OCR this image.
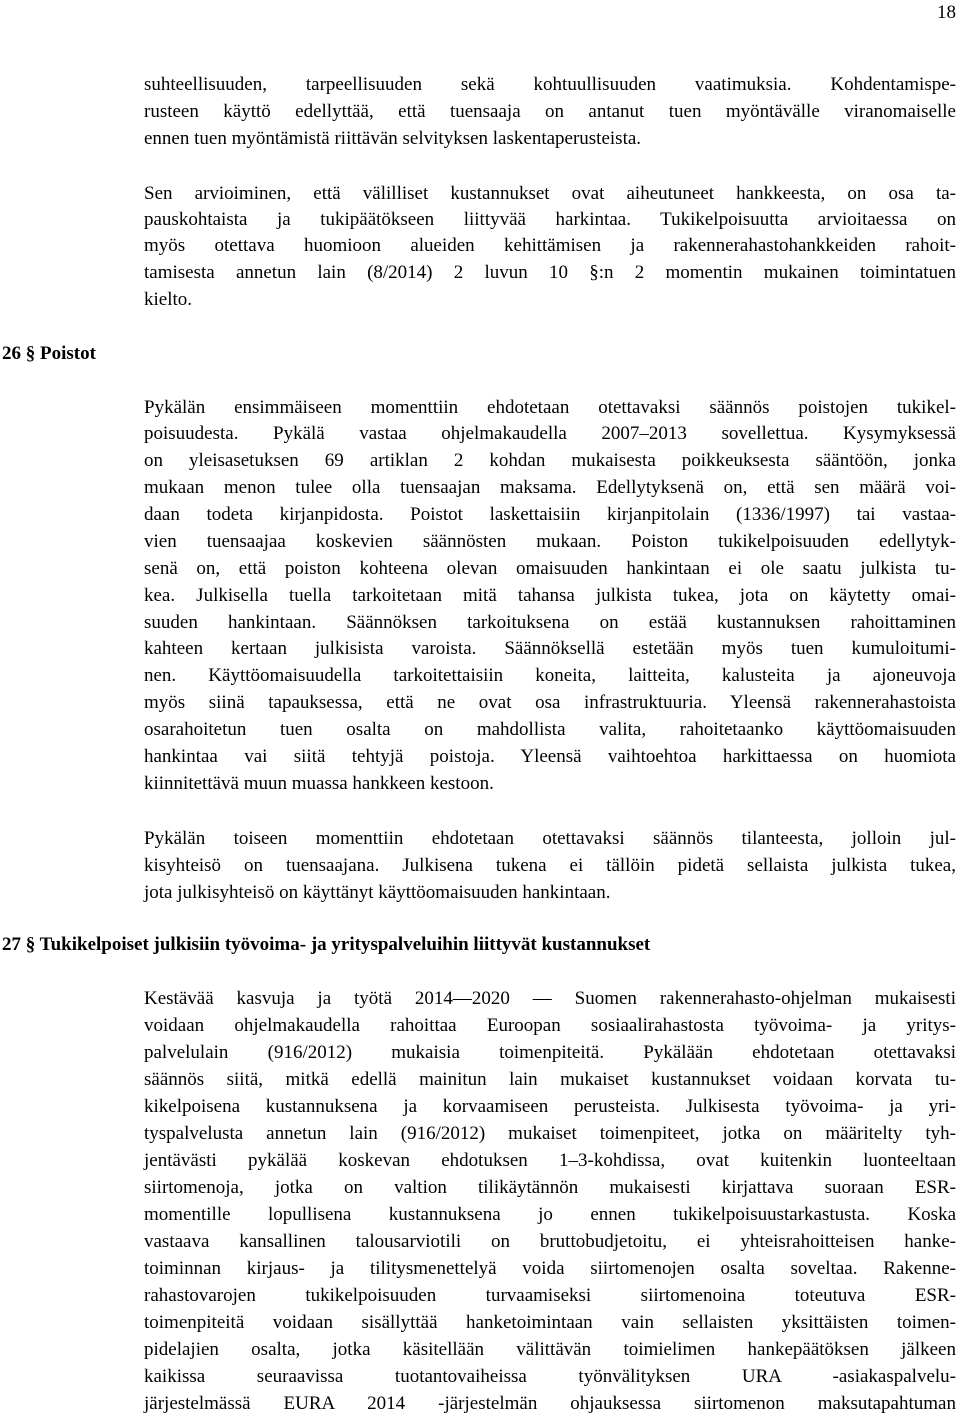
18
suhteellisuuden, tarpeellisuuden sekä kohtuullisuuden vaatimuksia. Kohdentamispe-
rusteen käyttö edellyttää, että tuensaaja on antanut tuen myöntävälle viranomaiselle
ennen tuen myöntämistä riittävän selvityksen laskentaperusteista.
Sen arvioiminen, että välilliset kustannukset ovat aiheutuneet hankkeesta, on osa ta-
pauskohtaista ja tukipäätökseen liittyvää harkintaa. Tukikelpoisuutta arvioitaessa on
myös otettava huomioon alueiden kehittämisen ja rakennerahastohankkeiden rahoit-
tamisesta annetun lain (8/2014) 2 luvun 10 §:n 2 momentin mukainen toimintatuen
kielto.
26 § Poistot
Pykälän ensimmäiseen momenttiin ehdotetaan otettavaksi säännös poistojen tukikel-
poisuudesta. Pykälä vastaa ohjelmakaudella 2007–2013 sovellettua. Kysymyksessä
on yleisasetuksen 69 artiklan 2 kohdan mukaisesta poikkeuksesta sääntöön, jonka
mukaan menon tulee olla tuensaajan maksama. Edellytyksenä on, että sen määrä voi-
daan todeta kirjanpidosta. Poistot laskettaisiin kirjanpitolain (1336/1997) tai vastaa-
vien tuensaajaa koskevien säännösten mukaan. Poiston tukikelpoisuuden edellytyk-
senä on, että poiston kohteena olevan omaisuuden hankintaan ei ole saatu julkista tu-
kea. Julkisella tuella tarkoitetaan mitä tahansa julkista tukea, jota on käytetty omai-
suuden hankintaan. Säännöksen tarkoituksena on estää kustannuksen rahoittaminen
kahteen kertaan julkisista varoista. Säännöksellä estetään myös tuen kumuloitumi-
nen. Käyttöomaisuudella tarkoitettaisiin koneita, laitteita, kalusteita ja ajoneuvoja
myös siinä tapauksessa, että ne ovat osa infrastruktuuria. Yleensä rakennerahastoista
osarahoitetun tuen osalta on mahdollista valita, rahoitetaanko käyttöomaisuuden
hankintaa vai siitä tehtyjä poistoja. Yleensä vaihtoehtoa harkittaessa on huomiota
kiinnitettävä muun muassa hankkeen kestoon.
Pykälän toiseen momenttiin ehdotetaan otettavaksi säännös tilanteesta, jolloin jul-
kisyhteisö on tuensaajana. Julkisena tukena ei tällöin pidetä sellaista julkista tukea,
jota julkisyhteisö on käyttänyt käyttöomaisuuden hankintaan.
27 § Tukikelpoiset julkisiin työvoima- ja yrityspalveluihin liittyvät kustannukset
Kestävää kasvuja ja työtä 2014—2020 — Suomen rakennerahasto-ohjelman mukaisesti
voidaan ohjelmakaudella rahoittaa Euroopan sosiaalirahastosta työvoima- ja yritys-
palvelulain (916/2012) mukaisia toimenpiteitä. Pykälään ehdotetaan otettavaksi
säännös siitä, mitkä edellä mainitun lain mukaiset kustannukset voidaan korvata tu-
kikelpoisena kustannuksena ja korvaamiseen perusteista. Julkisesta työvoima- ja yri-
tyspalvelusta annetun lain (916/2012) mukaiset toimenpiteet, jotka on määritelty tyh-
jentävästi pykälää koskevan ehdotuksen 1–3-kohdissa, ovat kuitenkin luonteeltaan
siirtomenoja, jotka on valtion tilikäytännön mukaisesti kirjattava suoraan ESR-
momentille lopullisena kustannuksena jo ennen tukikelpoisuustarkastusta. Koska
vastaava kansallinen talousarviotili on bruttobudjetoitu, ei yhteisrahoitteisen hanke-
toiminnan kirjaus- ja tilitysmenettelyä voida siirtomenojen osalta soveltaa. Rakenne-
rahastovarojen tukikelpoisuuden turvaamiseksi siirtomenoina toteutuva ESR-
toimenpiteitä voidaan sisällyttää hanketoimintaan vain sellaisten yksittäisten toimen-
pidelajien osalta, jotka käsitellään välittävän toimielimen hankepäätöksen jälkeen
kaikissa seuraavissa tuotantovaiheissa työnvälityksen URA -asiakaspalvelu-
järjestelmässä EURA 2014 -järjestelmän ohjauksessa siirtomenon maksutapahtuman
